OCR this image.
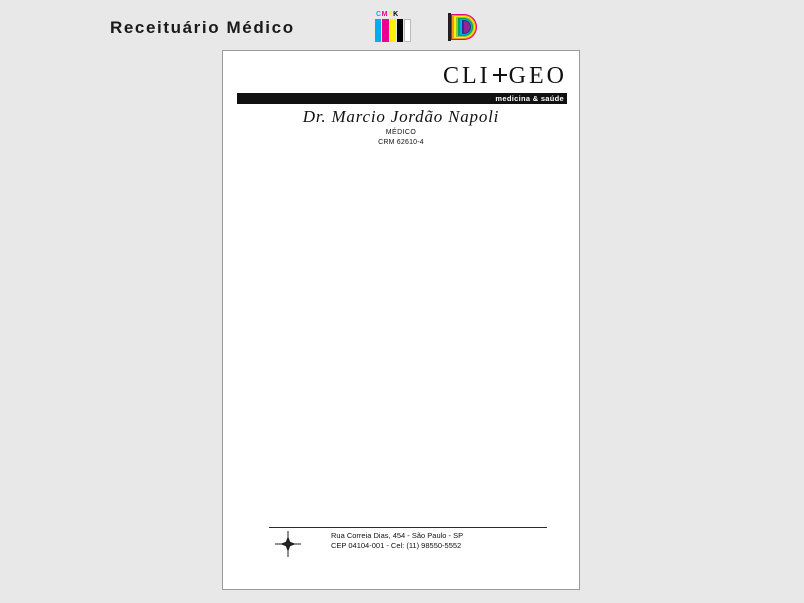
Receituário Médico
CMYK
CLI GEO
medicina & saúde
Dr. Marcio Jordão Napoli
MÉDICO
CRM 62610-4
Rua Correia Dias, 454 - São Paulo - SP
CEP 04104-001 - Cel: (11) 98550-5552
